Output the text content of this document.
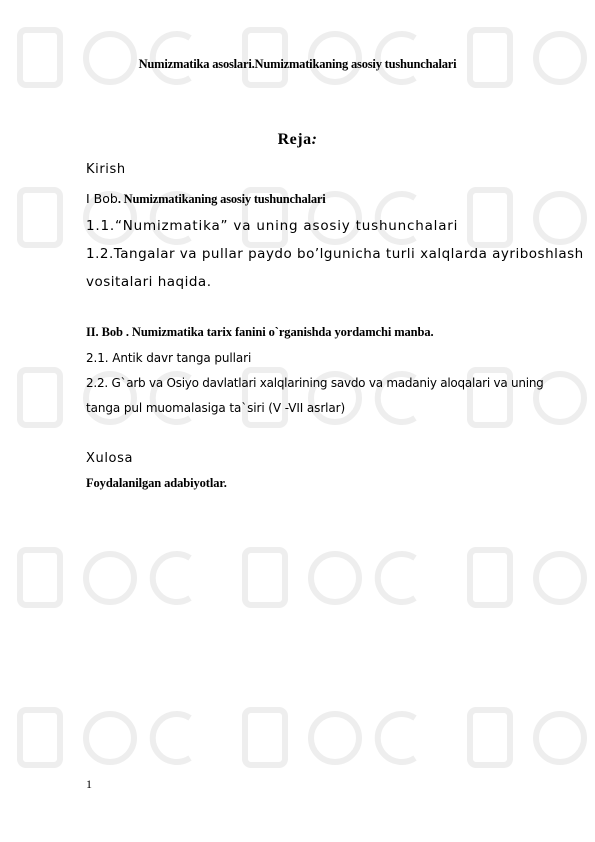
Numizmatika asoslari.Numizmatikaning asosiy tushunchalari
Reja:
Kirish
I Bob. Numizmatikaning asosiy tushunchalari
1.1.“Numizmatika” va uning asosiy tushunchalari
1.2.Tangalar va pullar paydo bo’lgunicha turli xalqlarda ayriboshlash
vositalari haqida.
II. Bob . Numizmatika tarix fanini o`rganishda yordamchi manba.
2.1. Antik davr tanga pullari
2.2. G`arb va Osiyo davlatlari xalqlarining savdo va madaniy aloqalari va uning
tanga pul muomalasiga ta`siri (V -VII asrlar)
Xulosa
Foydalanilgan adabiyotlar.
1
